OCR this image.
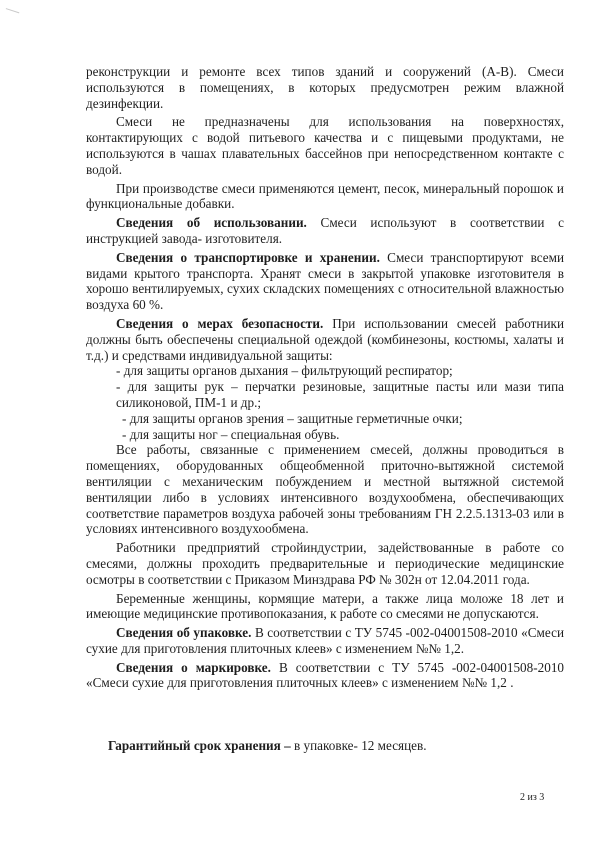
реконструкции и ремонте всех типов зданий и сооружений (А-В). Смеси используются в помещениях, в которых предусмотрен режим влажной дезинфекции.

Смеси не предназначены для использования на поверхностях, контактирующих с водой питьевого качества и с пищевыми продуктами, не используются в чашах плавательных бассейнов при непосредственном контакте с водой.

При производстве смеси применяются цемент, песок, минеральный порошок и функциональные добавки.

Сведения об использовании. Смеси используют в соответствии с инструкцией завода- изготовителя.

Сведения о транспортировке и хранении. Смеси транспортируют всеми видами крытого транспорта. Хранят смеси в закрытой упаковке изготовителя в хорошо вентилируемых, сухих складских помещениях с относительной влажностью воздуха 60 %.

Сведения о мерах безопасности. При использовании смесей работники должны быть обеспечены специальной одеждой (комбинезоны, костюмы, халаты и т.д.) и средствами индивидуальной защиты:

- для защиты органов дыхания – фильтрующий респиратор;

- для защиты рук – перчатки резиновые, защитные пасты или мази типа силиконовой, ПМ-1 и др.;

- для защиты органов зрения – защитные герметичные очки;

- для защиты ног – специальная обувь.

Все работы, связанные с применением смесей, должны проводиться в помещениях, оборудованных общеобменной приточно-вытяжной системой вентиляции с механическим побуждением и местной вытяжной системой вентиляции либо в условиях интенсивного воздухообмена, обеспечивающих соответствие параметров воздуха рабочей зоны требованиям ГН 2.2.5.1313-03 или в условиях интенсивного воздухообмена.

Работники предприятий стройиндустрии, задействованные в работе со смесями, должны проходить предварительные и периодические медицинские осмотры в соответствии с Приказом Минздрава РФ № 302н от 12.04.2011 года.

Беременные женщины, кормящие матери, а также лица моложе 18 лет и имеющие медицинские противопоказания, к работе со смесями не допускаются.

Сведения об упаковке. В соответствии с ТУ 5745 -002-04001508-2010 «Смеси сухие для приготовления плиточных клеев» с изменением №№ 1,2.

Сведения о маркировке. В соответствии с ТУ 5745 -002-04001508-2010 «Смеси сухие для приготовления плиточных клеев» с изменением №№ 1,2 .

Гарантийный срок хранения – в упаковке- 12 месяцев.
2 из 3
